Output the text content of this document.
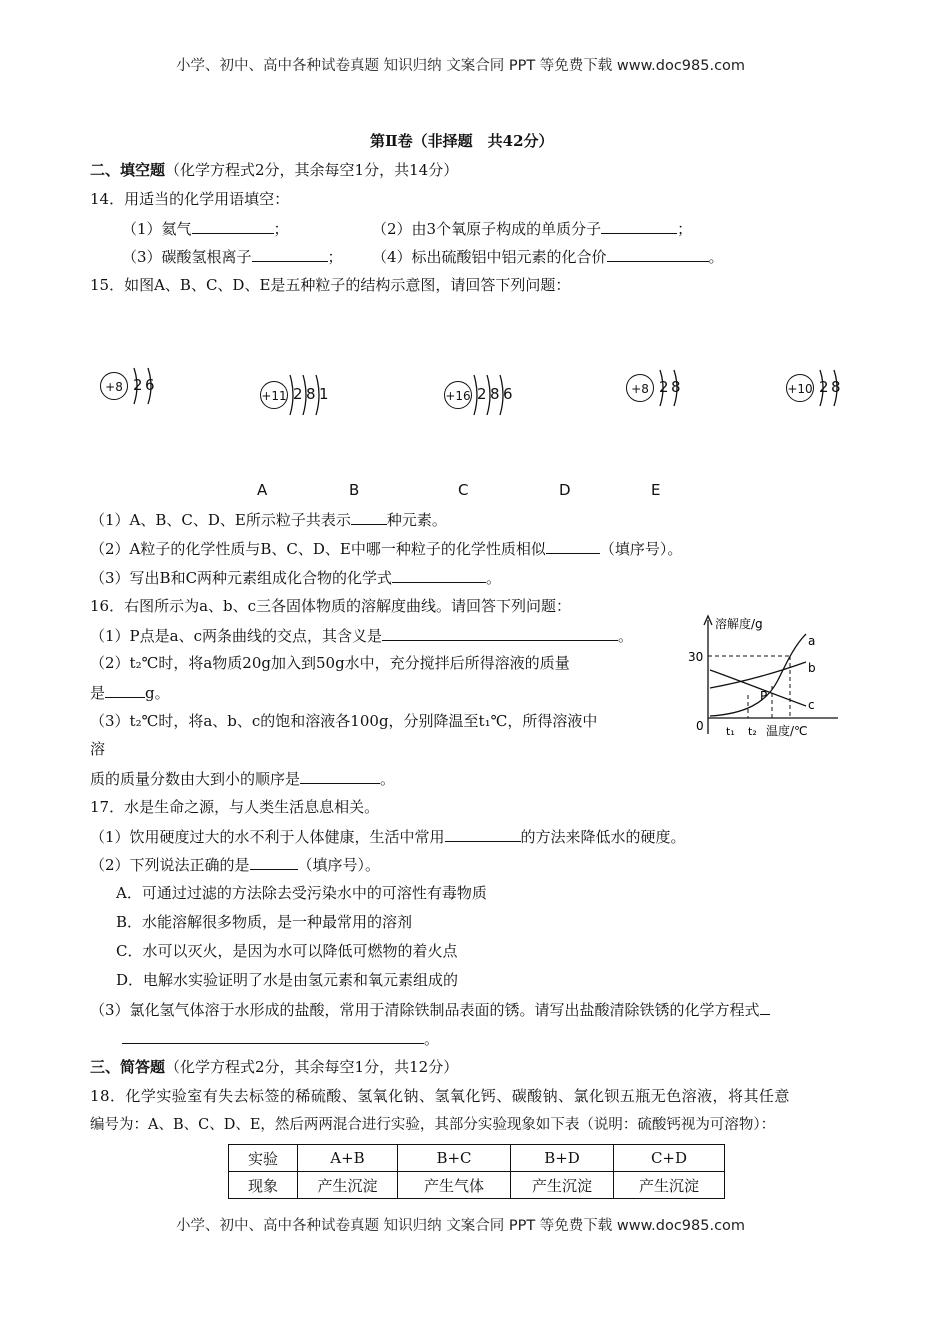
小学、初中、高中各种试卷真题 知识归纳 文案合同 PPT 等免费下载 www.doc985.com
第Ⅱ卷（非择题　共42分）
二、填空题（化学方程式2分，其余每空1分，共14分）
14．用适当的化学用语填空：
（1）氦气	；	（2）由3个氧原子构成的单质分子	；
（3）碳酸氢根离子	； （4）标出硫酸铝中铝元素的化合价	。
15．如图A、B、C、D、E是五种粒子的结构示意图，请回答下列问题：
+8 2 6
+11 2 8 1	+16 2 8 6	+8 2 8	+10 2 8
A	B	C	D	E
（1）A、B、C、D、E所示粒子共表示 种元素。
（2）A粒子的化学性质与B、C、D、E中哪一种粒子的化学性质相似	（填序号）。
（3）写出B和C两种元素组成化合物的化学式	。
16．右图所示为a、b、c三各固体物质的溶解度曲线。请回答下列问题：
（1）P点是a、c两条曲线的交点，其含义是	。
（2）t₂℃时，将a物质20g加入到50g水中，充分搅拌后所得溶液的质量
是	g。
（3）t₂℃时，将a、b、c的饱和溶液各100g，分别降温至t₁℃，所得溶液中
溶
质的质量分数由大到小的顺序是	。
溶解度/g
30
0
a
b
c
P
t₁ t₂ 温度/℃
17．水是生命之源，与人类生活息息相关。
（1）饮用硬度过大的水不利于人体健康，生活中常用	的方法来降低水的硬度。
（2）下列说法正确的是	（填序号）。
A．可通过过滤的方法除去受污染水中的可溶性有毒物质
B．水能溶解很多物质，是一种最常用的溶剂
C．水可以灭火，是因为水可以降低可燃物的着火点
D．电解水实验证明了水是由氢元素和氧元素组成的
（3）氯化氢气体溶于水形成的盐酸，常用于清除铁制品表面的锈。请写出盐酸清除铁锈的化学方程式
。
三、简答题（化学方程式2分，其余每空1分，共12分）
18．化学实验室有失去标签的稀硫酸、氢氧化钠、氢氧化钙、碳酸钠、氯化钡五瓶无色溶液，将其任意
编号为：A、B、C、D、E，然后两两混合进行实验，其部分实验现象如下表（说明：硫酸钙视为可溶物）：
实验	A+B	B+C	B+D	C+D
现象	产生沉淀	产生气体	产生沉淀	产生沉淀
小学、初中、高中各种试卷真题 知识归纳 文案合同 PPT 等免费下载 www.doc985.com
